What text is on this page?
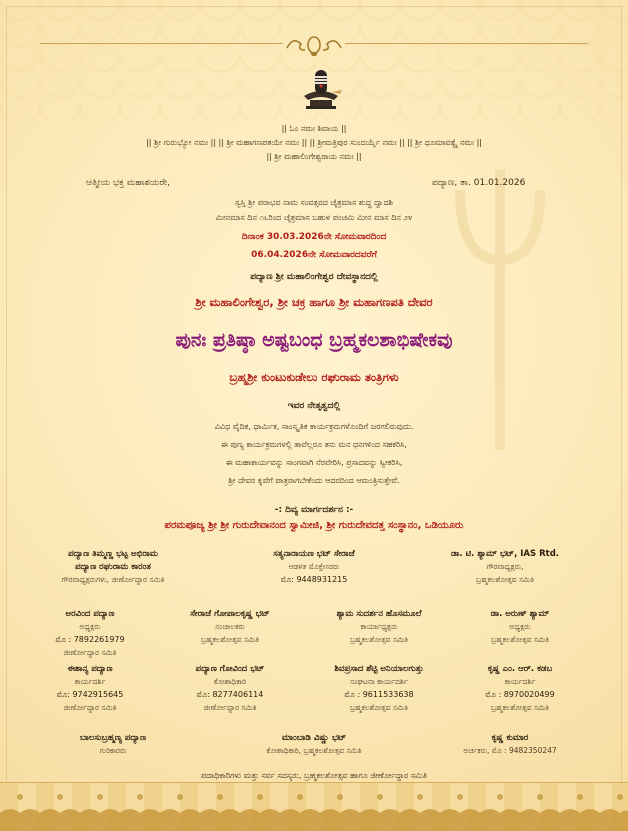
|| ಓಂ ನಮಃ ಶಿವಾಯ ||
|| ಶ್ರೀ ಗುರುಭ್ಯೋ ನಮಃ || || ಶ್ರೀ ಮಹಾಗಣಪತಯೇ ನಮಃ || || ಶ್ರೀಮತ್ರಿಪುರ ಸುಂದರ್ಯೈ ನಮಃ || || ಶ್ರೀ ಧೂಮಾವತ್ಯೈ ನಮಃ ||
|| ಶ್ರೀ ಮಹಾಲಿಂಗೇಶ್ವರಾಯ ನಮಃ ||
ಆತ್ಮೀಯ ಭಕ್ತ ಮಹಾಶಯರೇ,	ಪದ್ಯಾಣ, ತಾ. 01.01.2026
ಸ್ವಸ್ತಿ ಶ್ರೀ ಪರಾಭವ ನಾಮ ಸಂವತ್ಸರದ ಚೈತ್ರಮಾಸ ಶುದ್ಧ ದ್ವಾದಶಿ
ಮೀನಮಾಸ ದಿನ ೧೬ರಿಂದ ಚೈತ್ರಮಾಸ ಬಹುಳ ಪಂಚಮಿ ಮೀನ ಮಾಸ ದಿನ ೨೪
ದಿನಾಂಕ 30.03.2026ನೇ ಸೋಮವಾರದಿಂದ
06.04.2026ನೇ ಸೋಮವಾರದವರೆಗೆ
ಪದ್ಯಾಣ ಶ್ರೀ ಮಹಾಲಿಂಗೇಶ್ವರ ದೇವಸ್ಥಾನದಲ್ಲಿ
ಶ್ರೀ ಮಹಾಲಿಂಗೇಶ್ವರ, ಶ್ರೀ ಚಕ್ರ ಹಾಗೂ ಶ್ರೀ ಮಹಾಗಣಪತಿ ದೇವರ
ಪುನಃ ಪ್ರತಿಷ್ಠಾ ಅಷ್ಟಬಂಧ ಬ್ರಹ್ಮಕಲಶಾಭಿಷೇಕವು
ಬ್ರಹ್ಮಶ್ರೀ ಕುಂಟುಕುಡೇಲು ರಘುರಾಮ ತಂತ್ರಿಗಳು
ಇವರ ನೇತೃತ್ವದಲ್ಲಿ
ವಿವಿಧ ವೈದಿಕ, ಧಾರ್ಮಿಕ, ಸಾಂಸ್ಕೃತಿಕ ಕಾರ್ಯಕ್ರಮಗಳೊಂದಿಗೆ ಜರಗಲಿರುವುದು.
ಈ ಪುಣ್ಯ ಕಾರ್ಯಕ್ರಮಗಳಲ್ಲಿ ತಾವೆಲ್ಲರೂ ತನು ಮನ ಧನಗಳಿಂದ ಸಹಕರಿಸಿ,
ಈ ಮಹಾಕಾರ್ಯವನ್ನು ಸಾಂಗವಾಗಿ ನೆರವೇರಿಸಿ, ಪ್ರಸಾದವನ್ನು ಸ್ವೀಕರಿಸಿ,
ಶ್ರೀ ದೇವರ ಕೃಪೆಗೆ ಪಾತ್ರರಾಗಬೇಕೆಂದು ಆದರದಿಂದ ಆಮಂತ್ರಿಸುತ್ತೇವೆ.
-: ದಿವ್ಯ ಮಾರ್ಗದರ್ಶನ :-
ಪರಮಪೂಜ್ಯ ಶ್ರೀ ಶ್ರೀ ಗುರುದೇವಾನಂದ ಸ್ವಾಮೀಜಿ, ಶ್ರೀ ಗುರುದೇವದತ್ತ ಸಂಸ್ಥಾನಂ, ಒಡಿಯೂರು
ಪದ್ಯಾಣ ತಿಮ್ಮಣ್ಣ ಭಟ್ಟ ಅಭಿರಾಮ
ಪದ್ಯಾಣ ರಘುರಾಮ ಕಾರಂತ
ಗೌರವಾಧ್ಯಕ್ಷರುಗಳು, ಜೀರ್ಣೋದ್ಧಾರ ಸಮಿತಿ
ಸತ್ಯನಾರಾಯಣ ಭಟ್ ಸೇರಾಜೆ
ಆಡಳಿತ ಮೊಕ್ತೇಸರರು
ಮೊ: 9448931215
ಡಾ. ಟಿ. ಶ್ಯಾಮ್ ಭಟ್, IAS Rtd.
ಗೌರವಾಧ್ಯಕ್ಷರು,
ಬ್ರಹ್ಮಕಲಶೋತ್ಸವ ಸಮಿತಿ
ಅರವಿಂದ ಪದ್ಯಾಣ
ಅಧ್ಯಕ್ಷರು
ಮೊ : 7892261979
ಜೀರ್ಣೋದ್ಧಾರ ಸಮಿತಿ
ಸೇರಾಜೆ ಗೋಪಾಲಕೃಷ್ಣ ಭಟ್
ಸಂಚಾಲಕರು
ಬ್ರಹ್ಮಕಲಶೋತ್ಸವ ಸಮಿತಿ
ಶ್ಯಾಮ ಸುದರ್ಶನ ಹೊಸಮೂಲೆ
ಕಾರ್ಯಾಧ್ಯಕ್ಷರು
ಬ್ರಹ್ಮಕಲಶೋತ್ಸವ ಸಮಿತಿ
ಡಾ. ಅರುಣ್ ಶ್ಯಾಮ್
ಅಧ್ಯಕ್ಷರು
ಬ್ರಹ್ಮಕಲಶೋತ್ಸವ ಸಮಿತಿ
ಈಶಾನ್ಯ ಪದ್ಯಾಣ
ಕಾರ್ಯದರ್ಶಿ
ಮೊ: 9742915645
ಜೀರ್ಣೋದ್ಧಾರ ಸಮಿತಿ
ಪದ್ಯಾಣ ಗೋವಿಂದ ಭಟ್
ಕೋಶಾಧಿಕಾರಿ
ಮೊ: 8277406114
ಜೀರ್ಣೋದ್ಧಾರ ಸಮಿತಿ
ಶಿವಪ್ರಸಾದ ಶೆಟ್ಟಿ ಅನಿಯಾಲಗುತ್ತು
ಸಂಘಟನಾ ಕಾರ್ಯದರ್ಶಿ
ಮೊ : 9611533638
ಬ್ರಹ್ಮಕಲಶೋತ್ಸವ ಸಮಿತಿ
ಕೃಷ್ಣ ಎಂ. ಆರ್. ಕಡಬ
ಕಾರ್ಯದರ್ಶಿ
ಮೊ : 8970020499
ಬ್ರಹ್ಮಕಲಶೋತ್ಸವ ಸಮಿತಿ
ಬಾಲಸುಬ್ರಹ್ಮಣ್ಯ ಪದ್ಯಾಣ
ಗುರಿಕಾರರು
ಮಾಂಬಾಡಿ ವಿಷ್ಣು ಭಟ್
ಕೋಶಾಧಿಕಾರಿ, ಬ್ರಹ್ಮಕಲಶೋತ್ಸವ ಸಮಿತಿ
ಕೃಷ್ಣ ಕುಮಾರ
ಅರ್ಚಕರು, ಮೊ : 9482350247
ಪದಾಧಿಕಾರಿಗಳು ಮತ್ತು ಸರ್ವ ಸದಸ್ಯರು, ಬ್ರಹ್ಮಕಲಶೋತ್ಸವ ಹಾಗೂ ಜೀರ್ಣೋದ್ಧಾರ ಸಮಿತಿ
